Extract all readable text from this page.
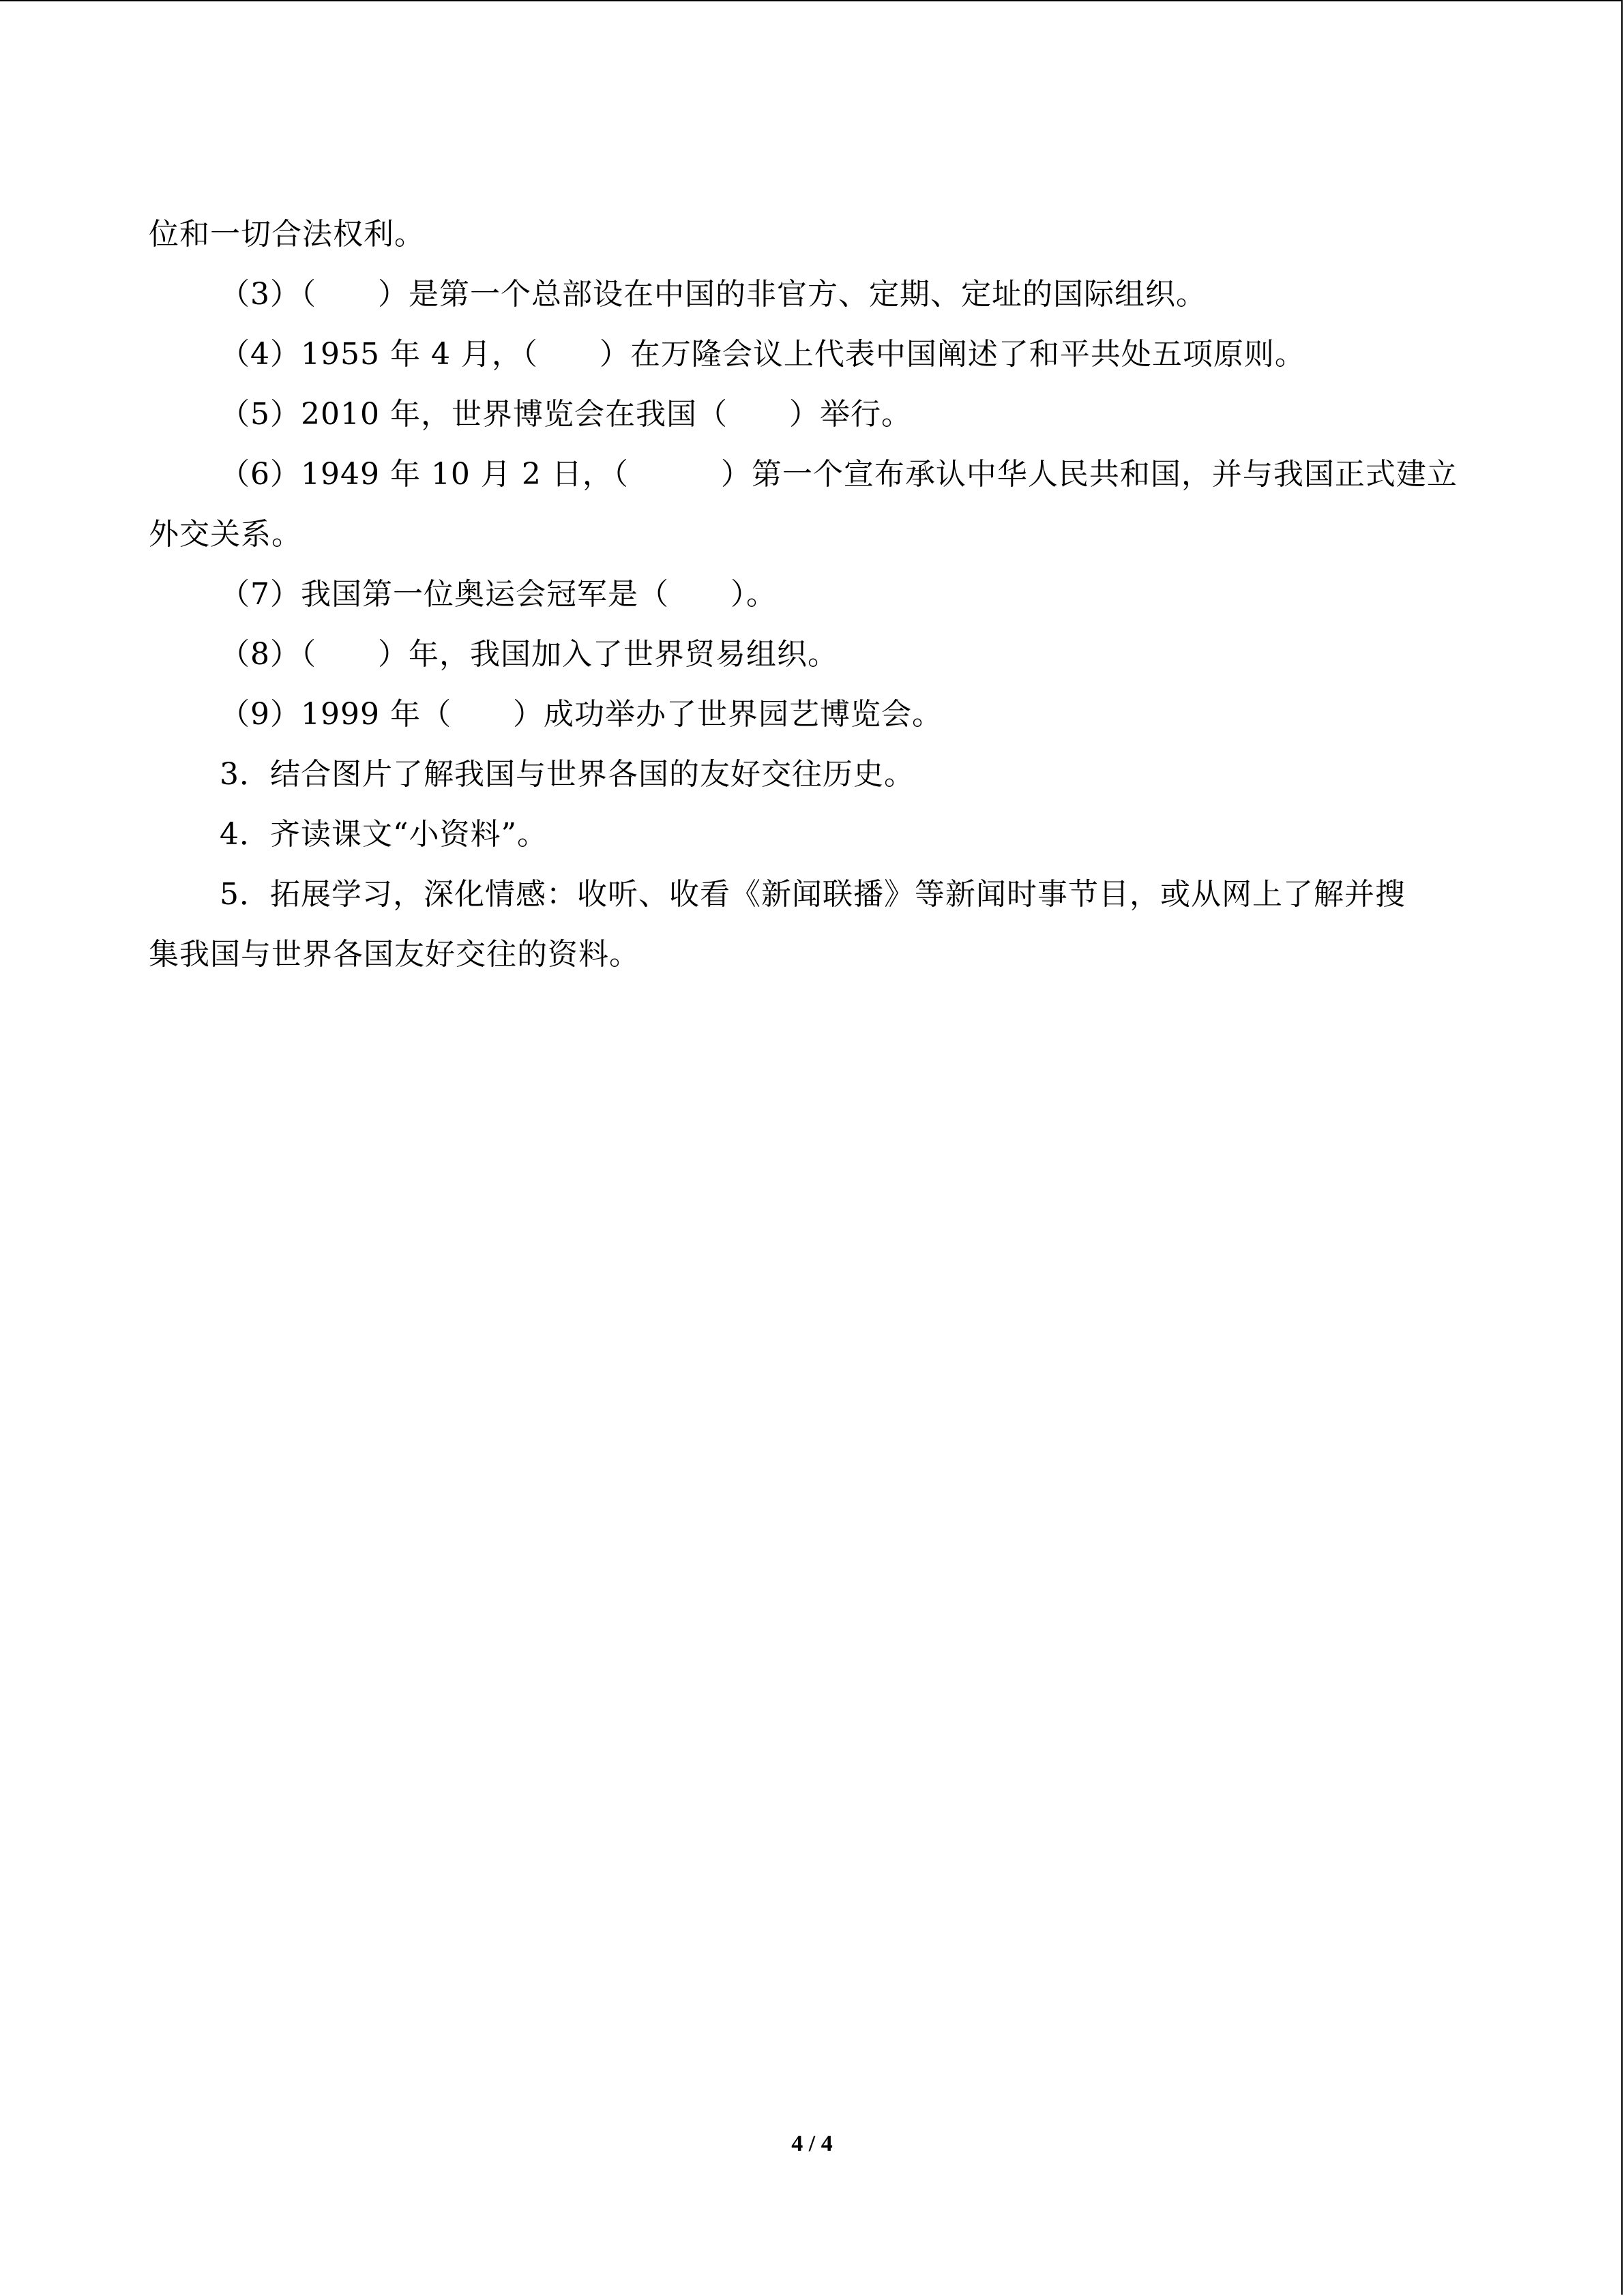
位和一切合法权利。
（3）（　　）是第一个总部设在中国的非官方、定期、定址的国际组织。
（4）1955 年 4 月，（　　）在万隆会议上代表中国阐述了和平共处五项原则。
（5）2010 年，世界博览会在我国（　　）举行。
（6）1949 年 10 月 2 日，（　　　）第一个宣布承认中华人民共和国，并与我国正式建立
外交关系。
（7）我国第一位奥运会冠军是（　　）。
（8）（　　）年，我国加入了世界贸易组织。
（9）1999 年（　　）成功举办了世界园艺博览会。
3．结合图片了解我国与世界各国的友好交往历史。
4．齐读课文“小资料”。
5．拓展学习，深化情感：收听、收看《新闻联播》等新闻时事节目，或从网上了解并搜
集我国与世界各国友好交往的资料。
4 / 4
